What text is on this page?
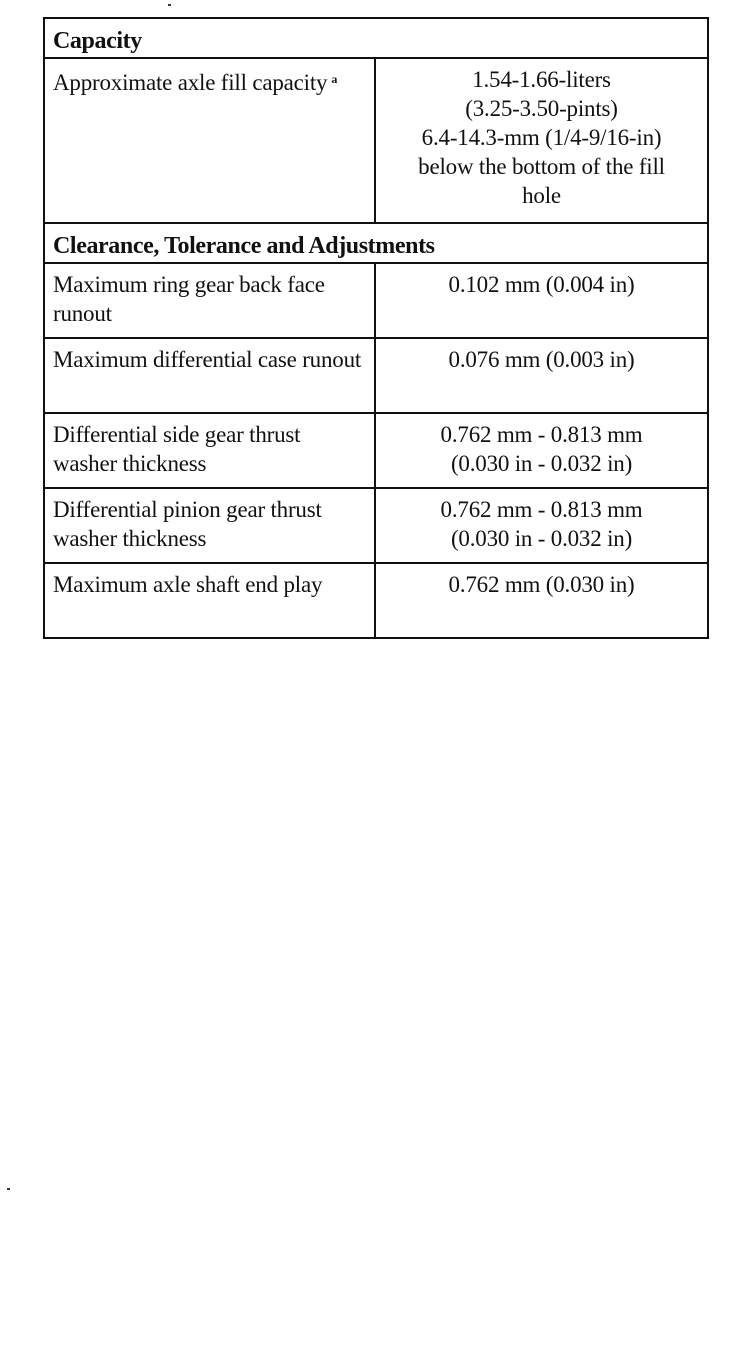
Capacity	
Approximate axle fill capacity $^a$	1.54-1.66-liters
(3.25-3.50-pints)
6.4-14.3-mm (1/4-9/16-in)
below the bottom of the fill
hole

Clearance, Tolerance and Adjustments	
Maximum ring gear back face runout	0.102 mm (0.004 in)

Maximum differential case runout	0.076 mm (0.003 in)

Differential side gear thrust washer thickness	0.762 mm - 0.813 mm
(0.030 in - 0.032 in)

Differential pinion gear thrust washer thickness	0.762 mm - 0.813 mm
(0.030 in - 0.032 in)

Maximum axle shaft end play	0.762 mm (0.030 in)
